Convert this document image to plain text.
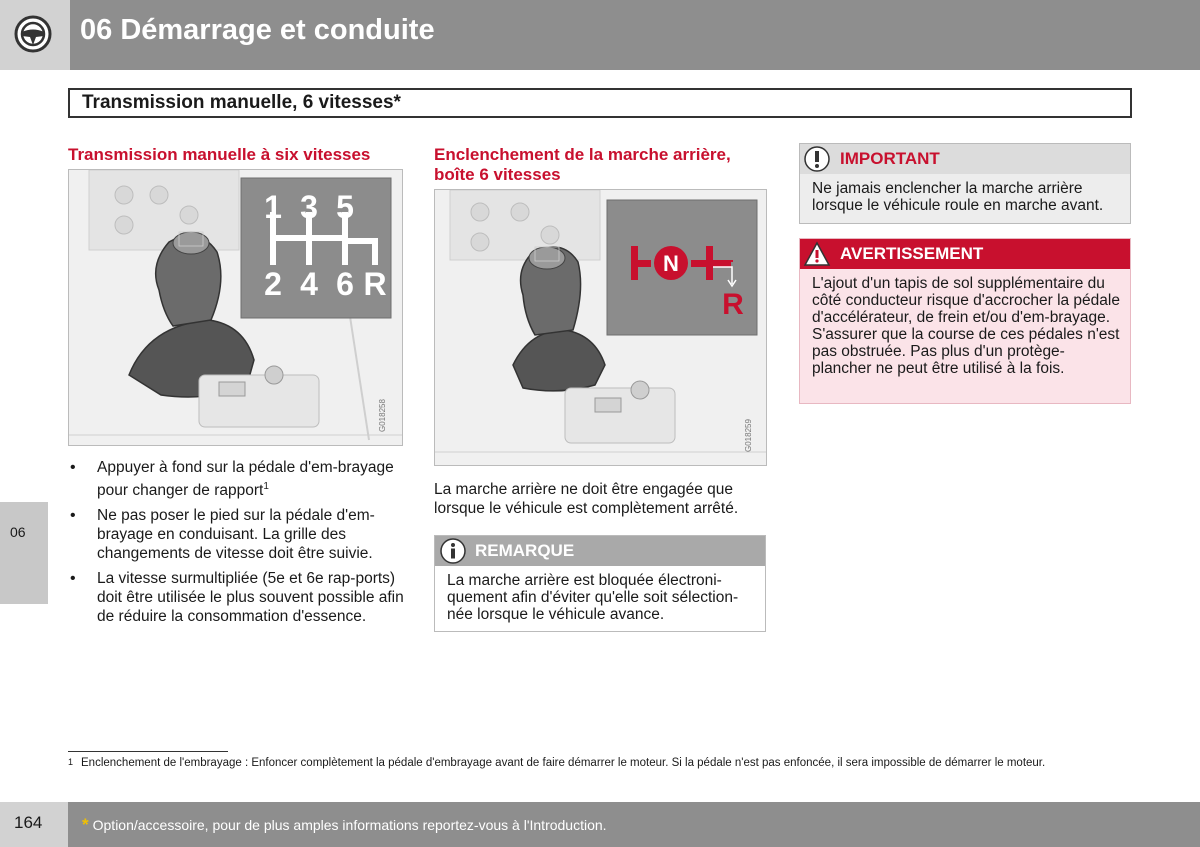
06 Démarrage et conduite
Transmission manuelle, 6 vitesses*
06
Transmission manuelle à six vitesses
1 3 5
2 4 6 R
G018258
• Appuyer à fond sur la pédale d'em-brayage pour changer de rapport$^1$
• Ne pas poser le pied sur la pédale d'em-brayage en conduisant. La grille des changements de vitesse doit être suivie.
• La vitesse surmultipliée (5e et 6e rap-ports) doit être utilisée le plus souvent possible afin de réduire la consommation d'essence.
Enclenchement de la marche arrière,
boîte 6 vitesses
N
R
G018259
La marche arrière ne doit être engagée que lorsque le véhicule est complètement arrêté.
REMARQUE
La marche arrière est bloquée électroni-quement afin d'éviter qu'elle soit sélection-née lorsque le véhicule avance.
IMPORTANT
Ne jamais enclencher la marche arrière lorsque le véhicule roule en marche avant.
AVERTISSEMENT
L'ajout d'un tapis de sol supplémentaire du côté conducteur risque d'accrocher la pédale d'accélérateur, de frein et/ou d'em-brayage. S'assurer que la course de ces pédales n'est pas obstruée. Pas plus d'un protège-plancher ne peut être utilisé à la fois.
1 Enclenchement de l'embrayage : Enfoncer complètement la pédale d'embrayage avant de faire démarrer le moteur. Si la pédale n'est pas enfoncée, il sera impossible de démarrer le moteur.
164 * Option/accessoire, pour de plus amples informations reportez-vous à l'Introduction.
